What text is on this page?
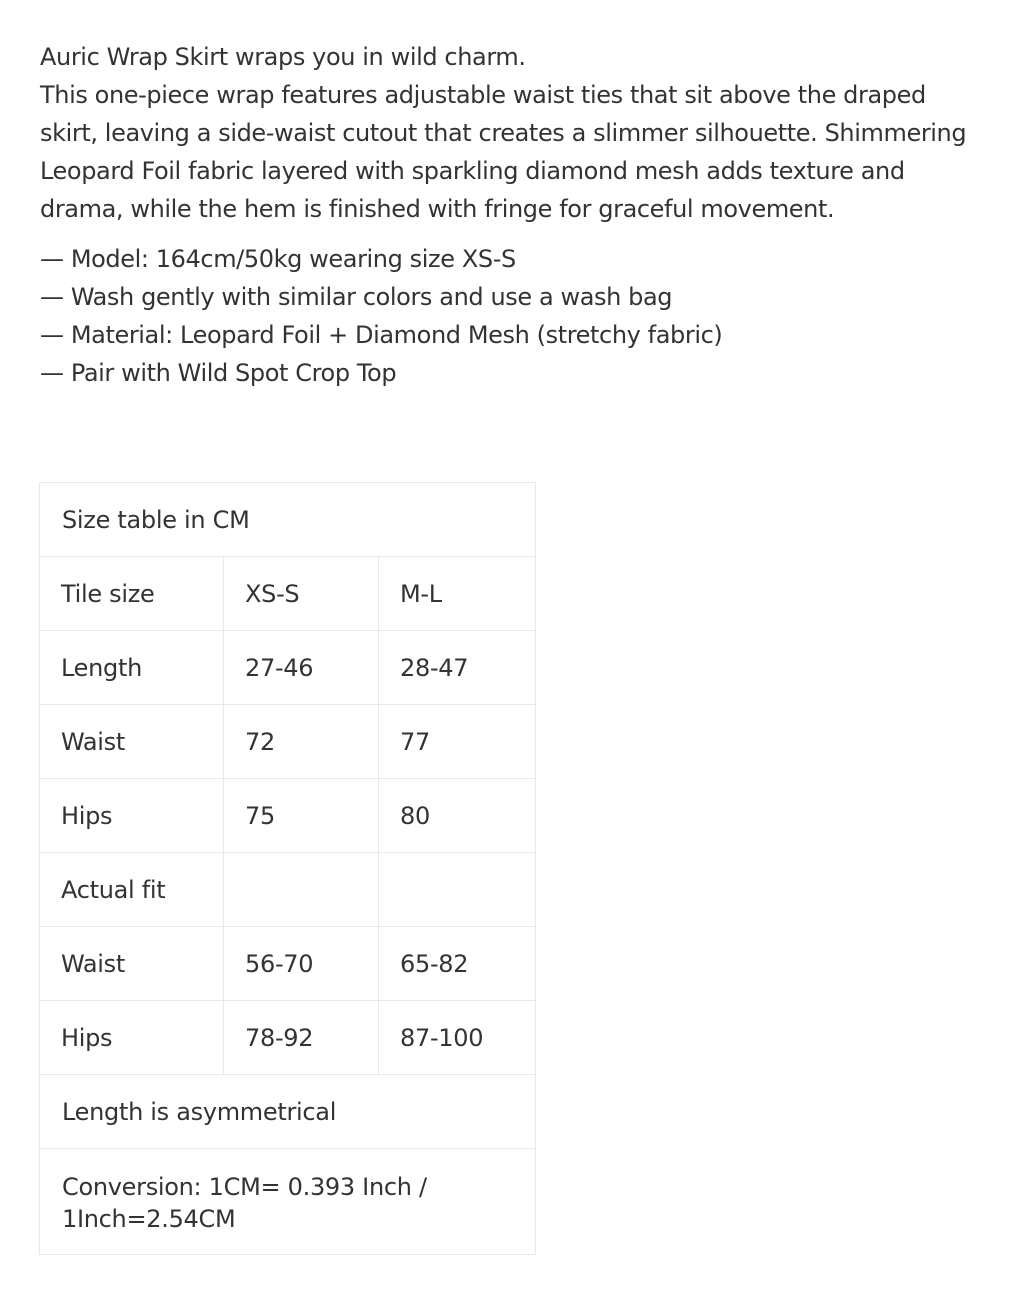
Auric Wrap Skirt wraps you in wild charm.
This one-piece wrap features adjustable waist ties that sit above the draped
skirt, leaving a side-waist cutout that creates a slimmer silhouette. Shimmering
Leopard Foil fabric layered with sparkling diamond mesh adds texture and
drama, while the hem is finished with fringe for graceful movement.

— Model: 164cm/50kg wearing size XS-S
— Wash gently with similar colors and use a wash bag
— Material: Leopard Foil + Diamond Mesh (stretchy fabric)
— Pair with Wild Spot Crop Top
Size table in CM		
Tile size	XS-S	M-L
Length	27-46	28-47
Waist	72	77
Hips	75	80
Actual fit		
Waist	56-70	65-82
Hips	78-92	87-100
Length is asymmetrical		
Conversion: 1CM= 0.393 Inch / 1Inch=2.54CM		
